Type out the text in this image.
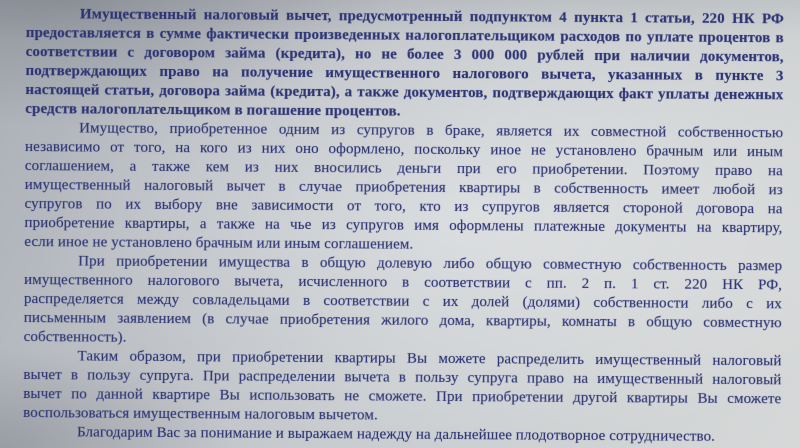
Имущественный налоговый вычет, предусмотренный подпунктом 4 пункта 1 статьи, 220 НК РФ
предоставляется в сумме фактически произведенных налогоплательщиком расходов по уплате процентов в
соответствии с договором займа (кредита), но не более 3 000 000 рублей при наличии документов,
подтверждающих право на получение имущественного налогового вычета, указанных в пункте 3
настоящей статьи, договора займа (кредита), а также документов, подтверждающих факт уплаты денежных
средств налогоплательщиком в погашение процентов.
Имущество, приобретенное одним из супругов в браке, является их совместной собственностью
независимо от того, на кого из них оно оформлено, поскольку иное не установлено брачным или иным
соглашением, а также кем из них вносились деньги при его приобретении. Поэтому право на
имущественный налоговый вычет в случае приобретения квартиры в собственность имеет любой из
супругов по их выбору вне зависимости от того, кто из супругов является стороной договора на
приобретение квартиры, а также на чье из супругов имя оформлены платежные документы на квартиру,
если иное не установлено брачным или иным соглашением.
При приобретении имущества в общую долевую либо общую совместную собственность размер
имущественного налогового вычета, исчисленного в соответствии с пп. 2 п. 1 ст. 220 НК РФ,
распределяется между совладельцами в соответствии с их долей (долями) собственности либо с их
письменным заявлением (в случае приобретения жилого дома, квартиры, комнаты в общую совместную
собственность).
Таким образом, при приобретении квартиры Вы можете распределить имущественный налоговый
вычет в пользу супруга. При распределении вычета в пользу супруга право на имущественный налоговый
вычет по данной квартире Вы использовать не сможете. При приобретении другой квартиры Вы сможете
воспользоваться имущественным налоговым вычетом.
Благодарим Вас за понимание и выражаем надежду на дальнейшее плодотворное сотрудничество.
